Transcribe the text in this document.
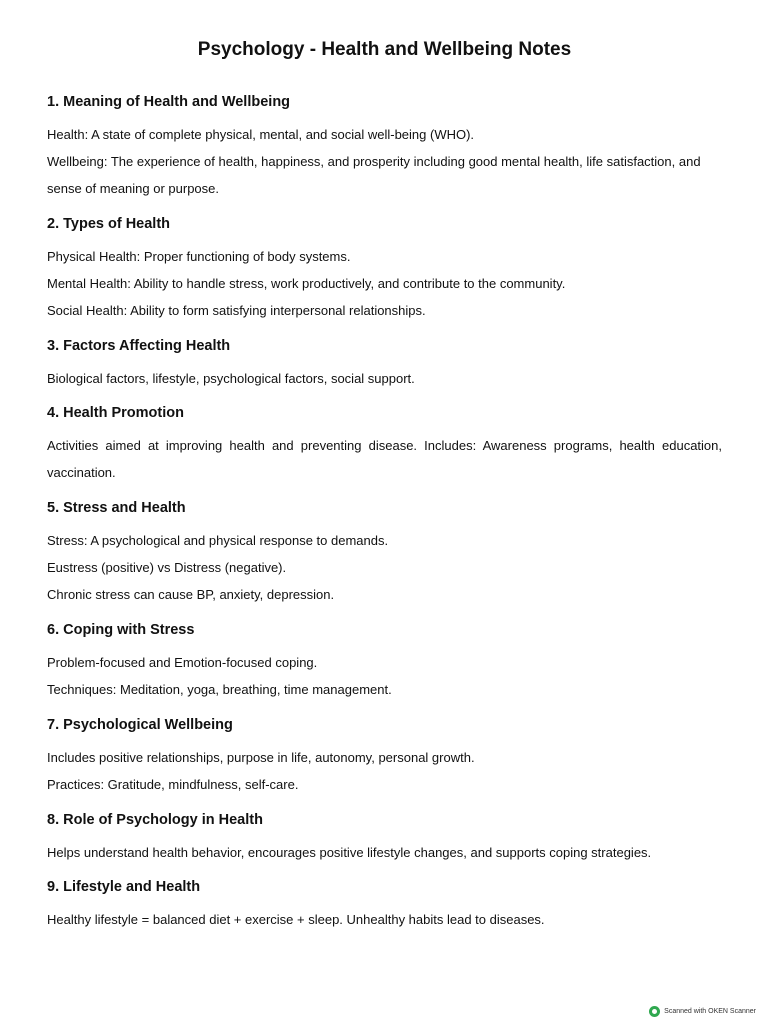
Psychology - Health and Wellbeing Notes
1. Meaning of Health and Wellbeing

Health: A state of complete physical, mental, and social well-being (WHO).

Wellbeing: The experience of health, happiness, and prosperity including good mental health, life satisfaction, and sense of meaning or purpose.

2. Types of Health

Physical Health: Proper functioning of body systems.

Mental Health: Ability to handle stress, work productively, and contribute to the community.

Social Health: Ability to form satisfying interpersonal relationships.

3. Factors Affecting Health

Biological factors, lifestyle, psychological factors, social support.

4. Health Promotion

Activities aimed at improving health and preventing disease. Includes: Awareness programs, health education, vaccination.

5. Stress and Health

Stress: A psychological and physical response to demands.

Eustress (positive) vs Distress (negative).

Chronic stress can cause BP, anxiety, depression.

6. Coping with Stress

Problem-focused and Emotion-focused coping.

Techniques: Meditation, yoga, breathing, time management.

7. Psychological Wellbeing

Includes positive relationships, purpose in life, autonomy, personal growth.

Practices: Gratitude, mindfulness, self-care.

8. Role of Psychology in Health

Helps understand health behavior, encourages positive lifestyle changes, and supports coping strategies.

9. Lifestyle and Health

Healthy lifestyle = balanced diet + exercise + sleep. Unhealthy habits lead to diseases.

Scanned with OKEN Scanner
